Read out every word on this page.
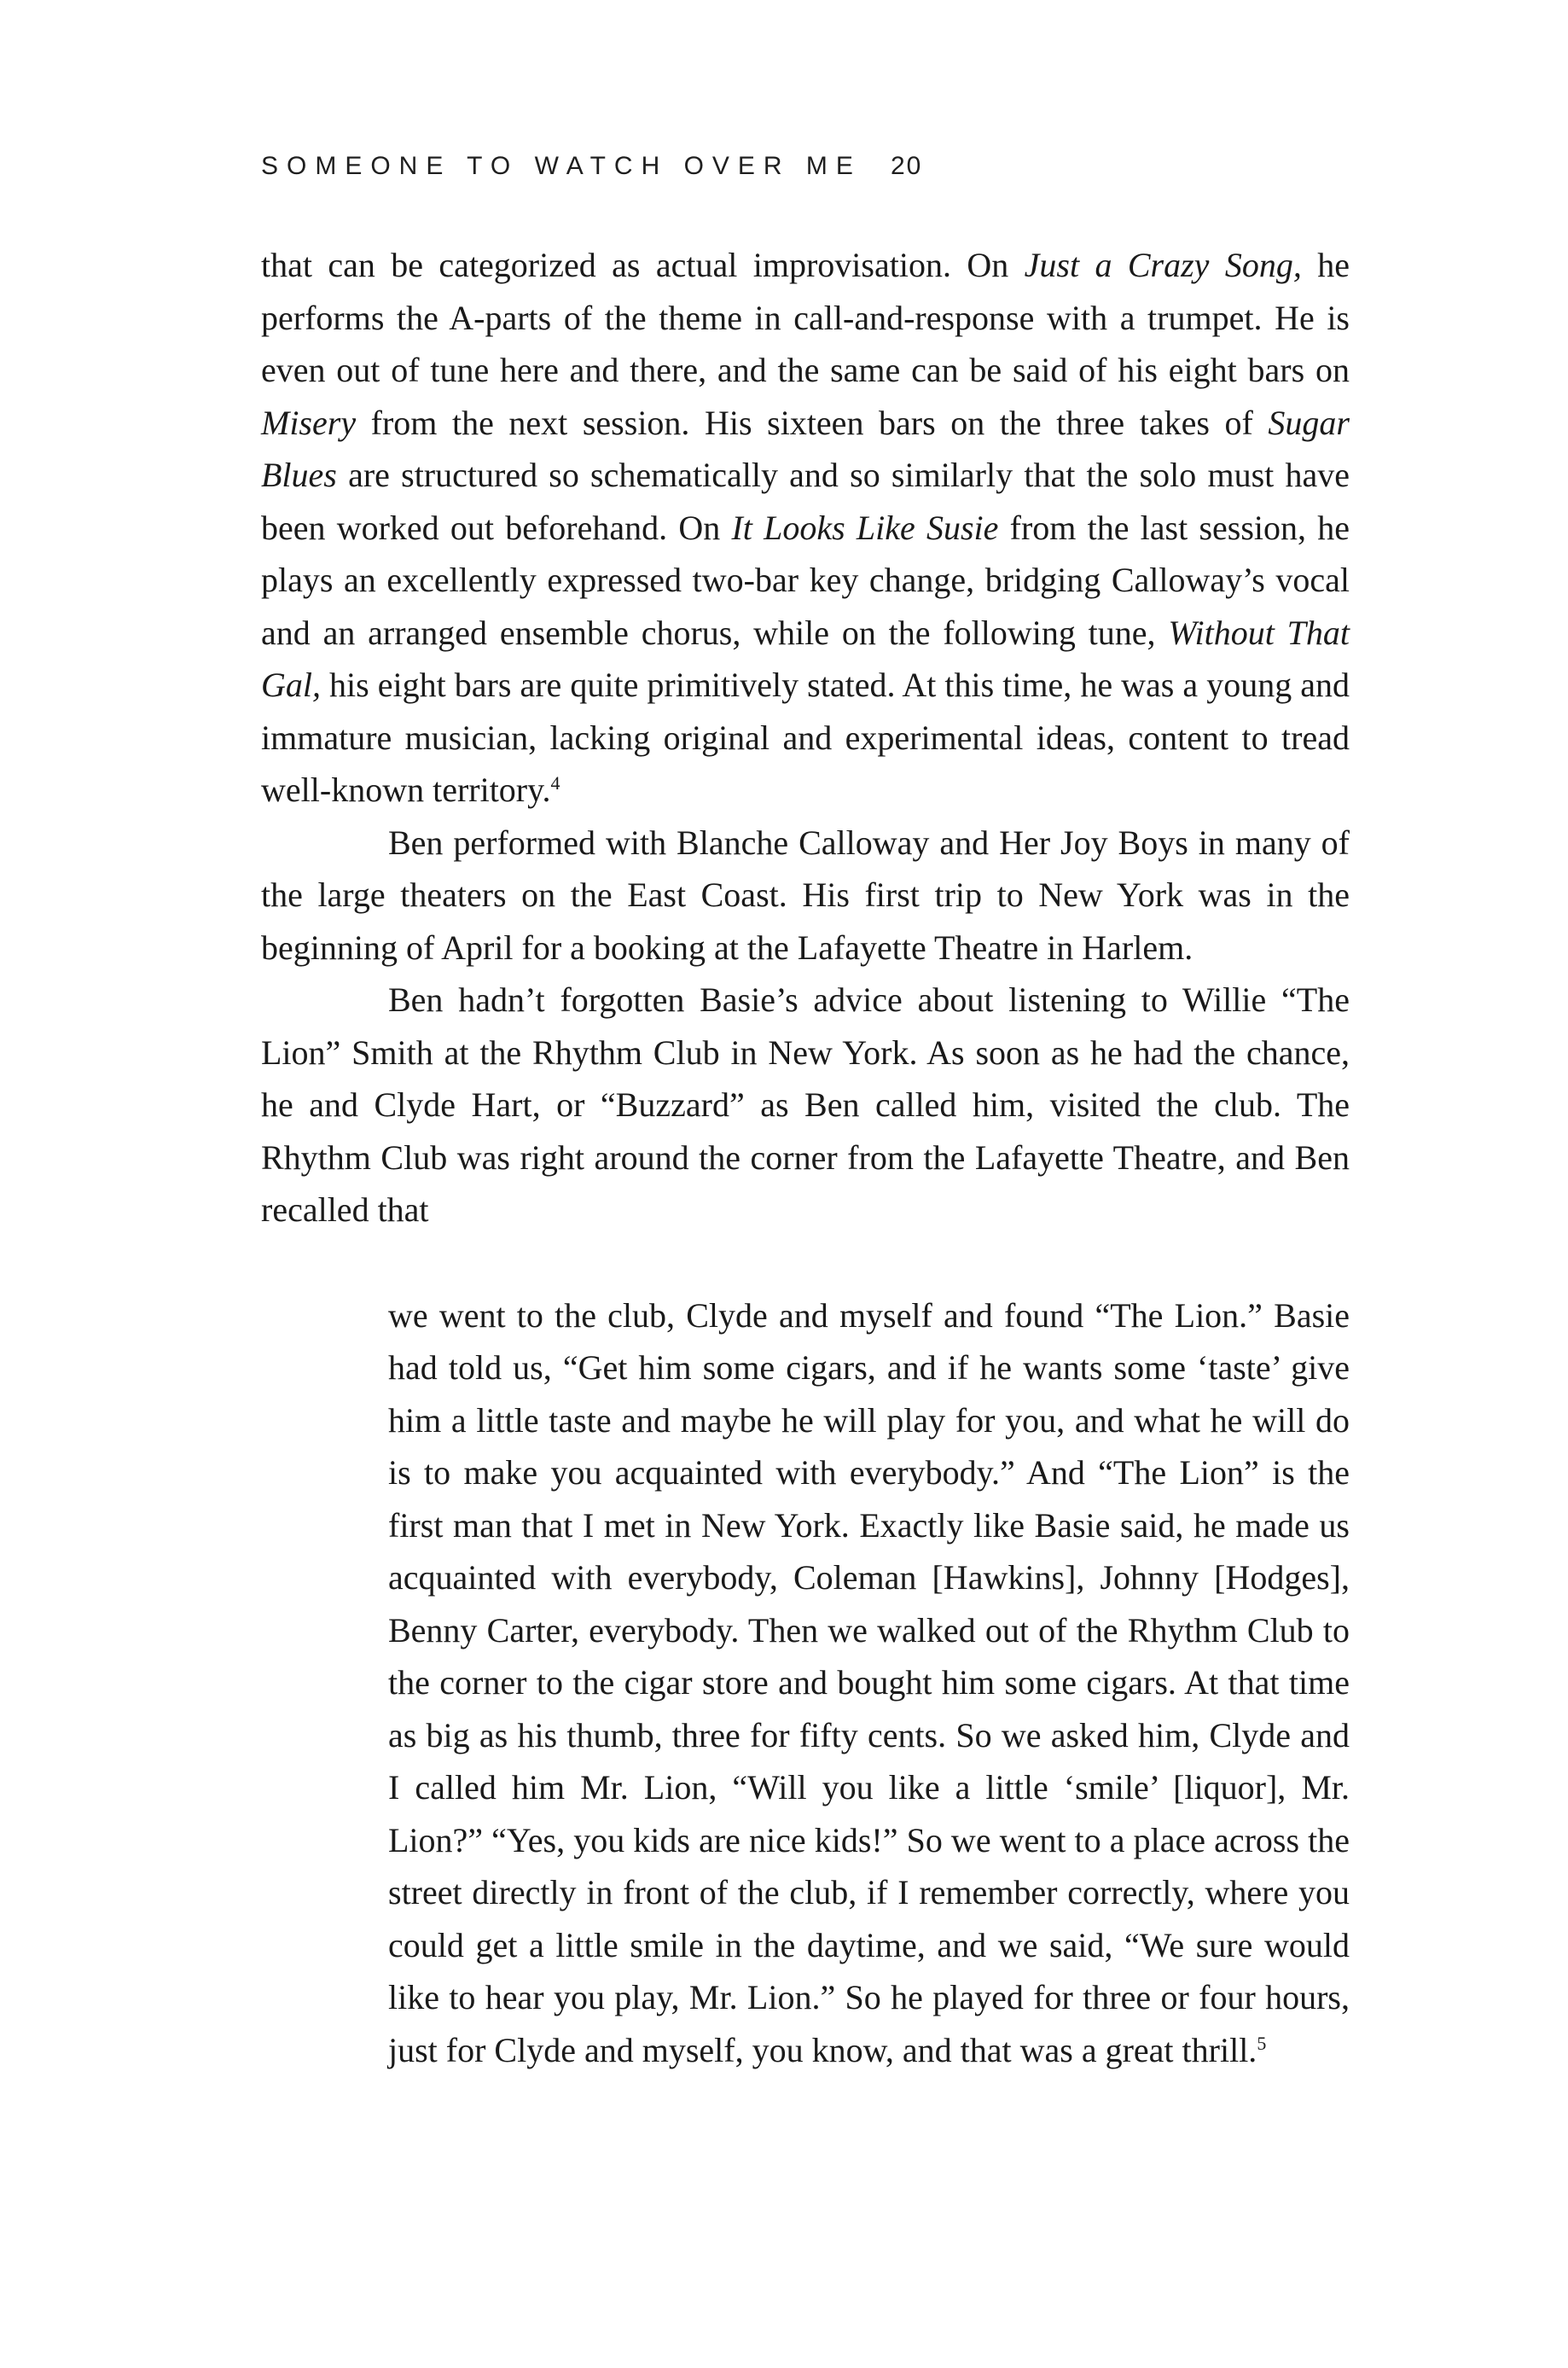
SOMEONE TO WATCH OVER ME 20

that can be categorized as actual improvisation. On Just a Crazy Song, he performs the A-parts of the theme in call-and-response with a trumpet. He is even out of tune here and there, and the same can be said of his eight bars on Misery from the next session. His sixteen bars on the three takes of Sugar Blues are structured so schematically and so similarly that the solo must have been worked out beforehand. On It Looks Like Susie from the last session, he plays an excellently expressed two-bar key change, bridging Calloway’s vocal and an arranged ensemble chorus, while on the following tune, Without That Gal, his eight bars are quite primitively stated. At this time, he was a young and immature musician, lacking original and experimental ideas, content to tread well-known territory.$^4$

Ben performed with Blanche Calloway and Her Joy Boys in many of the large theaters on the East Coast. His first trip to New York was in the beginning of April for a booking at the Lafayette Theatre in Harlem.

Ben hadn’t forgotten Basie’s advice about listening to Willie “The Lion” Smith at the Rhythm Club in New York. As soon as he had the chance, he and Clyde Hart, or “Buzzard” as Ben called him, visited the club. The Rhythm Club was right around the corner from the Lafayette Theatre, and Ben recalled that

we went to the club, Clyde and myself and found “The Lion.” Basie had told us, “Get him some cigars, and if he wants some ‘taste’ give him a little taste and maybe he will play for you, and what he will do is to make you acquainted with everybody.” And “The Lion” is the first man that I met in New York. Exactly like Basie said, he made us acquainted with everybody, Coleman [Hawkins], Johnny [Hodges], Benny Carter, everybody. Then we walked out of the Rhythm Club to the corner to the cigar store and bought him some cigars. At that time as big as his thumb, three for fifty cents. So we asked him, Clyde and I called him Mr. Lion, “Will you like a little ‘smile’ [liquor], Mr. Lion?” “Yes, you kids are nice kids!” So we went to a place across the street directly in front of the club, if I remember correctly, where you could get a little smile in the daytime, and we said, “We sure would like to hear you play, Mr. Lion.” So he played for three or four hours, just for Clyde and myself, you know, and that was a great thrill.$^5$
